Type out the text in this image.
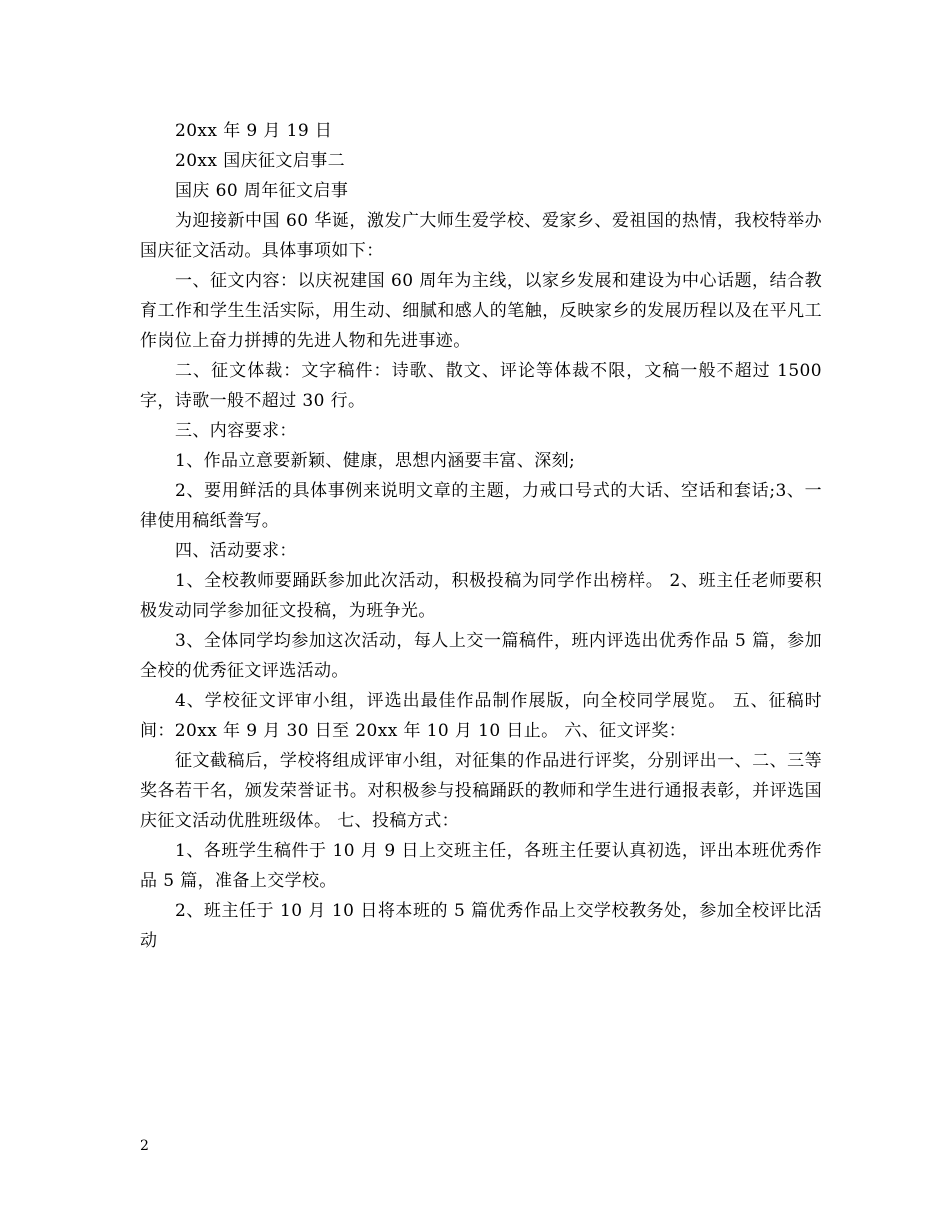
20xx 年 9 月 19 日

20xx 国庆征文启事二

国庆 60 周年征文启事

为迎接新中国 60 华诞，激发广大师生爱学校、爱家乡、爱祖国的热情，我校特举办国庆征文活动。具体事项如下：

一、征文内容：以庆祝建国 60 周年为主线，以家乡发展和建设为中心话题，结合教育工作和学生生活实际，用生动、细腻和感人的笔触，反映家乡的发展历程以及在平凡工作岗位上奋力拼搏的先进人物和先进事迹。

二、征文体裁：文字稿件：诗歌、散文、评论等体裁不限，文稿一般不超过 1500 字，诗歌一般不超过 30 行。

三、内容要求：

1、作品立意要新颖、健康，思想内涵要丰富、深刻;

2、要用鲜活的具体事例来说明文章的主题，力戒口号式的大话、空话和套话;3、一律使用稿纸誊写。

四、活动要求：

1、全校教师要踊跃参加此次活动，积极投稿为同学作出榜样。 2、班主任老师要积极发动同学参加征文投稿，为班争光。

3、全体同学均参加这次活动，每人上交一篇稿件，班内评选出优秀作品 5 篇，参加全校的优秀征文评选活动。

4、学校征文评审小组，评选出最佳作品制作展版，向全校同学展览。 五、征稿时间：20xx 年 9 月 30 日至 20xx 年 10 月 10 日止。 六、征文评奖：

征文截稿后，学校将组成评审小组，对征集的作品进行评奖，分别评出一、二、三等奖各若干名，颁发荣誉证书。对积极参与投稿踊跃的教师和学生进行通报表彰，并评选国庆征文活动优胜班级体。 七、投稿方式：

1、各班学生稿件于 10 月 9 日上交班主任，各班主任要认真初选，评出本班优秀作品 5 篇，准备上交学校。

2、班主任于 10 月 10 日将本班的 5 篇优秀作品上交学校教务处，参加全校评比活动

2
